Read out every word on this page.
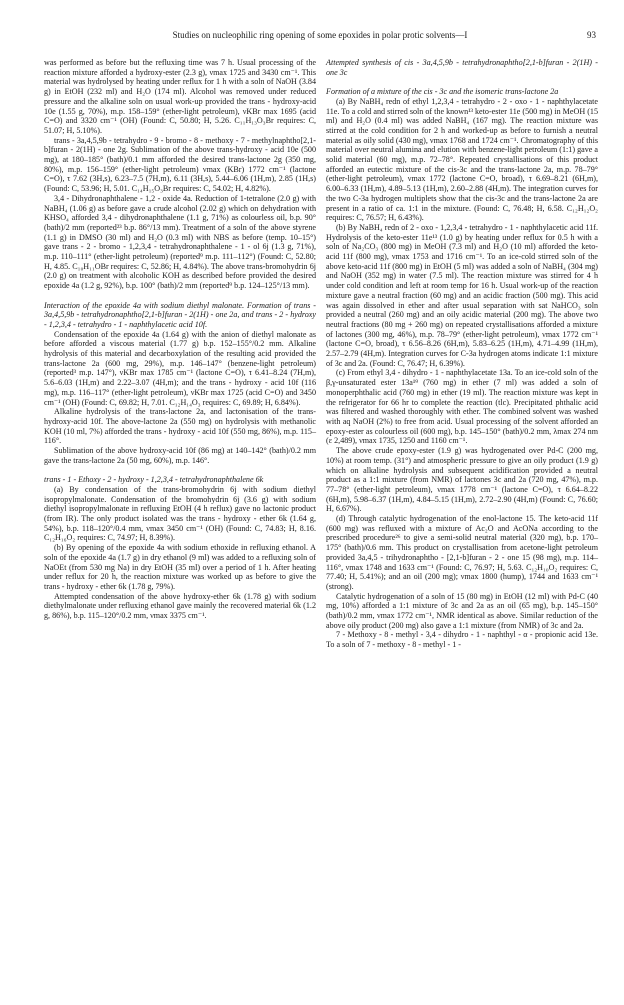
Studies on nucleophilic ring opening of some epoxides in polar protic solvents—I	93

was performed as before but the refluxing time was 7 h. Usual processing of the reaction mixture afforded a hydroxy-ester (2.3 g), νmax 1725 and 3430 cm⁻¹. This material was hydrolysed by heating under reflux for 1 h with a soln of NaOH (3.84 g) in EtOH (232 ml) and H₂O (174 ml). Alcohol was removed under reduced pressure and the alkaline soln on usual work-up provided the trans - hydroxy-acid 10e (1.55 g, 70%), m.p. 158–159° (ether-light petroleum), νKBr max 1695 (acid C=O) and 3320 cm⁻¹ (OH) (Found: C, 50.80; H, 5.26. C₁₁H₁₃O₃Br requires: C, 51.07; H, 5.10%).

trans - 3a,4,5,9b - tetrahydro - 9 - bromo - 8 - methoxy - 7 - methylnaphtho[2,1-b]furan - 2(1H) - one 2g. Sublimation of the above trans-hydroxy - acid 10e (500 mg), at 180–185° (bath)/0.1 mm afforded the desired trans-lactone 2g (350 mg, 80%), m.p. 156–159° (ether-light petroleum) νmax (KBr) 1772 cm⁻¹ (lactone C=O), τ 7.62 (3H,s), 6.23–7.5 (7H,m), 6.11 (3H,s), 5.44–6.06 (1H,m), 2.85 (1H,s) (Found: C, 53.96; H, 5.01. C₁₄H₁₅O₃Br requires: C, 54.02; H, 4.82%).

3,4 - Dihydronaphthalene - 1,2 - oxide 4a. Reduction of 1-tetralone (2.0 g) with NaBH₄ (1.06 g) as before gave a crude alcohol (2.02 g) which on dehydration with KHSO₄ afforded 3,4 - dihydronaphthalene (1.1 g, 71%) as colourless oil, b.p. 90° (bath)/2 mm (reported²³ b.p. 86°/13 mm). Treatment of a soln of the above styrene (1.1 g) in DMSO (30 ml) and H₂O (0.3 ml) with NBS as before (temp. 10–15°) gave trans - 2 - bromo - 1,2,3,4 - tetrahydronaphthalene - 1 - ol 6j (1.3 g, 71%), m.p. 110–111° (ether-light petroleum) (reported⁹ m.p. 111–112°) (Found: C, 52.80; H, 4.85. C₁₀H₁₁OBr requires: C, 52.86; H, 4.84%). The above trans-bromohydrin 6j (2.0 g) on treatment with alcoholic KOH as described before provided the desired epoxide 4a (1.2 g, 92%), b.p. 100° (bath)/2 mm (reported⁹ b.p. 124–125°/13 mm).

Interaction of the epoxide 4a with sodium diethyl malonate. Formation of trans - 3a,4,5,9b - tetrahydronaphtho[2,1-b]furan - 2(1H) - one 2a, and trans - 2 - hydroxy - 1,2,3,4 - tetrahydro - 1 - naphthylacetic acid 10f.

Condensation of the epoxide 4a (1.64 g) with the anion of diethyl malonate as before afforded a viscous material (1.77 g) b.p. 152–155°/0.2 mm. Alkaline hydrolysis of this material and decarboxylation of the resulting acid provided the trans-lactone 2a (600 mg, 29%), m.p. 146–147° (benzene-light petroleum) (reported³ m.p. 147°), νKBr max 1785 cm⁻¹ (lactone C=O), τ 6.41–8.24 (7H,m), 5.6–6.03 (1H,m) and 2.22–3.07 (4H,m); and the trans - hydroxy - acid 10f (116 mg), m.p. 116–117° (ether-light petroleum), νKBr max 1725 (acid C=O) and 3450 cm⁻¹ (OH) (Found: C, 69.82; H, 7.01. C₁₂H₁₄O₃ requires: C, 69.89; H, 6.84%).

Alkaline hydrolysis of the trans-lactone 2a, and lactonisation of the trans-hydroxy-acid 10f. The above-lactone 2a (550 mg) on hydrolysis with methanolic KOH (10 ml, 7%) afforded the trans - hydroxy - acid 10f (550 mg, 86%), m.p. 115–116°.

Sublimation of the above hydroxy-acid 10f (86 mg) at 140–142° (bath)/0.2 mm gave the trans-lactone 2a (50 mg, 60%), m.p. 146°.

trans - 1 - Ethoxy - 2 - hydroxy - 1,2,3,4 - tetrahydronaphthalene 6k

(a) By condensation of the trans-bromohydrin 6j with sodium diethyl isopropylmalonate. Condensation of the bromohydrin 6j (3.6 g) with sodium diethyl isopropylmalonate in refluxing EtOH (4 h reflux) gave no lactonic product (from IR). The only product isolated was the trans - hydroxy - ether 6k (1.64 g, 54%), b.p. 118–120°/0.4 mm, νmax 3450 cm⁻¹ (OH) (Found: C, 74.83; H, 8.16. C₁₂H₁₆O₂ requires: C, 74.97; H, 8.39%).

(b) By opening of the epoxide 4a with sodium ethoxide in refluxing ethanol. A soln of the epoxide 4a (1.7 g) in dry ethanol (9 ml) was added to a refluxing soln of NaOEt (from 530 mg Na) in dry EtOH (35 ml) over a period of 1 h. After heating under reflux for 20 h, the reaction mixture was worked up as before to give the trans - hydroxy - ether 6k (1.78 g, 79%).

Attempted condensation of the above hydroxy-ether 6k (1.78 g) with sodium diethylmalonate under refluxing ethanol gave mainly the recovered material 6k (1.2 g, 86%), b.p. 115–120°/0.2 mm, νmax 3375 cm⁻¹.

Attempted synthesis of cis - 3a,4,5,9b - tetrahydronaphtho[2,1-b]furan - 2(1H) - one 3c

Formation of a mixture of the cis - 3c and the isomeric trans-lactone 2a

(a) By NaBH₄ redn of ethyl 1,2,3,4 - tetrahydro - 2 - oxo - 1 - naphthylacetate 11e. To a cold and stirred soln of the known¹³ keto-ester 11e (500 mg) in MeOH (15 ml) and H₂O (0.4 ml) was added NaBH₄ (167 mg). The reaction mixture was stirred at the cold condition for 2 h and worked-up as before to furnish a neutral material as oily solid (430 mg), νmax 1768 and 1724 cm⁻¹. Chromatography of this material over neutral alumina and elution with benzene-light petroleum (1:1) gave a solid material (60 mg), m.p. 72–78°. Repeated crystallisations of this product afforded an eutectic mixture of the cis-3c and the trans-lactone 2a, m.p. 78–79° (ether-light petroleum), νmax 1772 (lactone C=O, broad), τ 6.69–8.21 (6H,m), 6.00–6.33 (1H,m), 4.89–5.13 (1H,m), 2.60–2.88 (4H,m). The integration curves for the two C-3a hydrogen multiplets show that the cis-3c and the trans-lactone 2a are present in a ratio of ca. 1:1 in the mixture. (Found: C, 76.48; H, 6.58. C₁₂H₁₂O₂ requires: C, 76.57; H, 6.43%).

(b) By NaBH₄ redn of 2 - oxo - 1,2,3,4 - tetrahydro - 1 - naphthylacetic acid 11f. Hydrolysis of the keto-ester 11e¹³ (1.0 g) by heating under reflux for 0.5 h with a soln of Na₂CO₃ (800 mg) in MeOH (7.3 ml) and H₂O (10 ml) afforded the keto-acid 11f (800 mg), νmax 1753 and 1716 cm⁻¹. To an ice-cold stirred soln of the above keto-acid 11f (800 mg) in EtOH (5 ml) was added a soln of NaBH₄ (304 mg) and NaOH (352 mg) in water (7.5 ml). The reaction mixture was stirred for 4 h under cold condition and left at room temp for 16 h. Usual work-up of the reaction mixture gave a neutral fraction (60 mg) and an acidic fraction (500 mg). This acid was again dissolved in ether and after usual separation with sat NaHCO₃ soln provided a neutral (260 mg) and an oily acidic material (200 mg). The above two neutral fractions (80 mg + 260 mg) on repeated crystallisations afforded a mixture of lactones (300 mg, 46%), m.p. 78–79° (ether-light petroleum), νmax 1772 cm⁻¹ (lactone C=O, broad), τ 6.56–8.26 (6H,m), 5.83–6.25 (1H,m), 4.71–4.99 (1H,m), 2.57–2.79 (4H,m). Integration curves for C-3a hydrogen atoms indicate 1:1 mixture of 3c and 2a. (Found: C, 76.47; H, 6.39%).

(c) From ethyl 3,4 - dihydro - 1 - naphthylacetate 13a. To an ice-cold soln of the β,γ-unsaturated ester 13a¹⁹ (760 mg) in ether (7 ml) was added a soln of monoperphthalic acid (760 mg) in ether (19 ml). The reaction mixture was kept in the refrigerator for 66 hr to complete the reaction (tlc). Precipitated phthalic acid was filtered and washed thoroughly with ether. The combined solvent was washed with aq NaOH (2%) to free from acid. Usual processing of the solvent afforded an epoxy-ester as colourless oil (600 mg), b.p. 145–150° (bath)/0.2 mm, λmax 274 nm (ε 2,489), νmax 1735, 1250 and 1160 cm⁻¹.

The above crude epoxy-ester (1.9 g) was hydrogenated over Pd-C (200 mg, 10%) at room temp. (31°) and atmospheric pressure to give an oily product (1.9 g) which on alkaline hydrolysis and subsequent acidification provided a neutral product as a 1:1 mixture (from NMR) of lactones 3c and 2a (720 mg, 47%), m.p. 77–78° (ether-light petroleum), νmax 1778 cm⁻¹ (lactone C=O), τ 6.64–8.22 (6H,m), 5.98–6.37 (1H,m), 4.84–5.15 (1H,m), 2.72–2.90 (4H,m) (Found: C, 76.60; H, 6.67%).

(d) Through catalytic hydrogenation of the enol-lactone 15. The keto-acid 11f (600 mg) was refluxed with a mixture of Ac₂O and AcONa according to the prescribed procedure²⁶ to give a semi-solid neutral material (320 mg), b.p. 170–175° (bath)/0.6 mm. This product on crystallisation from acetone-light petroleum provided 3a,4,5 - trihydronaphtho - [2,1-b]furan - 2 - one 15 (98 mg), m.p. 114–116°, νmax 1748 and 1633 cm⁻¹ (Found: C, 76.97; H, 5.63. C₁₂H₁₀O₂ requires: C, 77.40; H, 5.41%); and an oil (200 mg); νmax 1800 (hump), 1744 and 1633 cm⁻¹ (strong).

Catalytic hydrogenation of a soln of 15 (80 mg) in EtOH (12 ml) with Pd-C (40 mg, 10%) afforded a 1:1 mixture of 3c and 2a as an oil (65 mg), b.p. 145–150° (bath)/0.2 mm, νmax 1772 cm⁻¹, NMR identical as above. Similar reduction of the above oily product (200 mg) also gave a 1:1 mixture (from NMR) of 3c and 2a.

7 - Methoxy - 8 - methyl - 3,4 - dihydro - 1 - naphthyl - α - propionic acid 13e. To a soln of 7 - methoxy - 8 - methyl - 1 -
